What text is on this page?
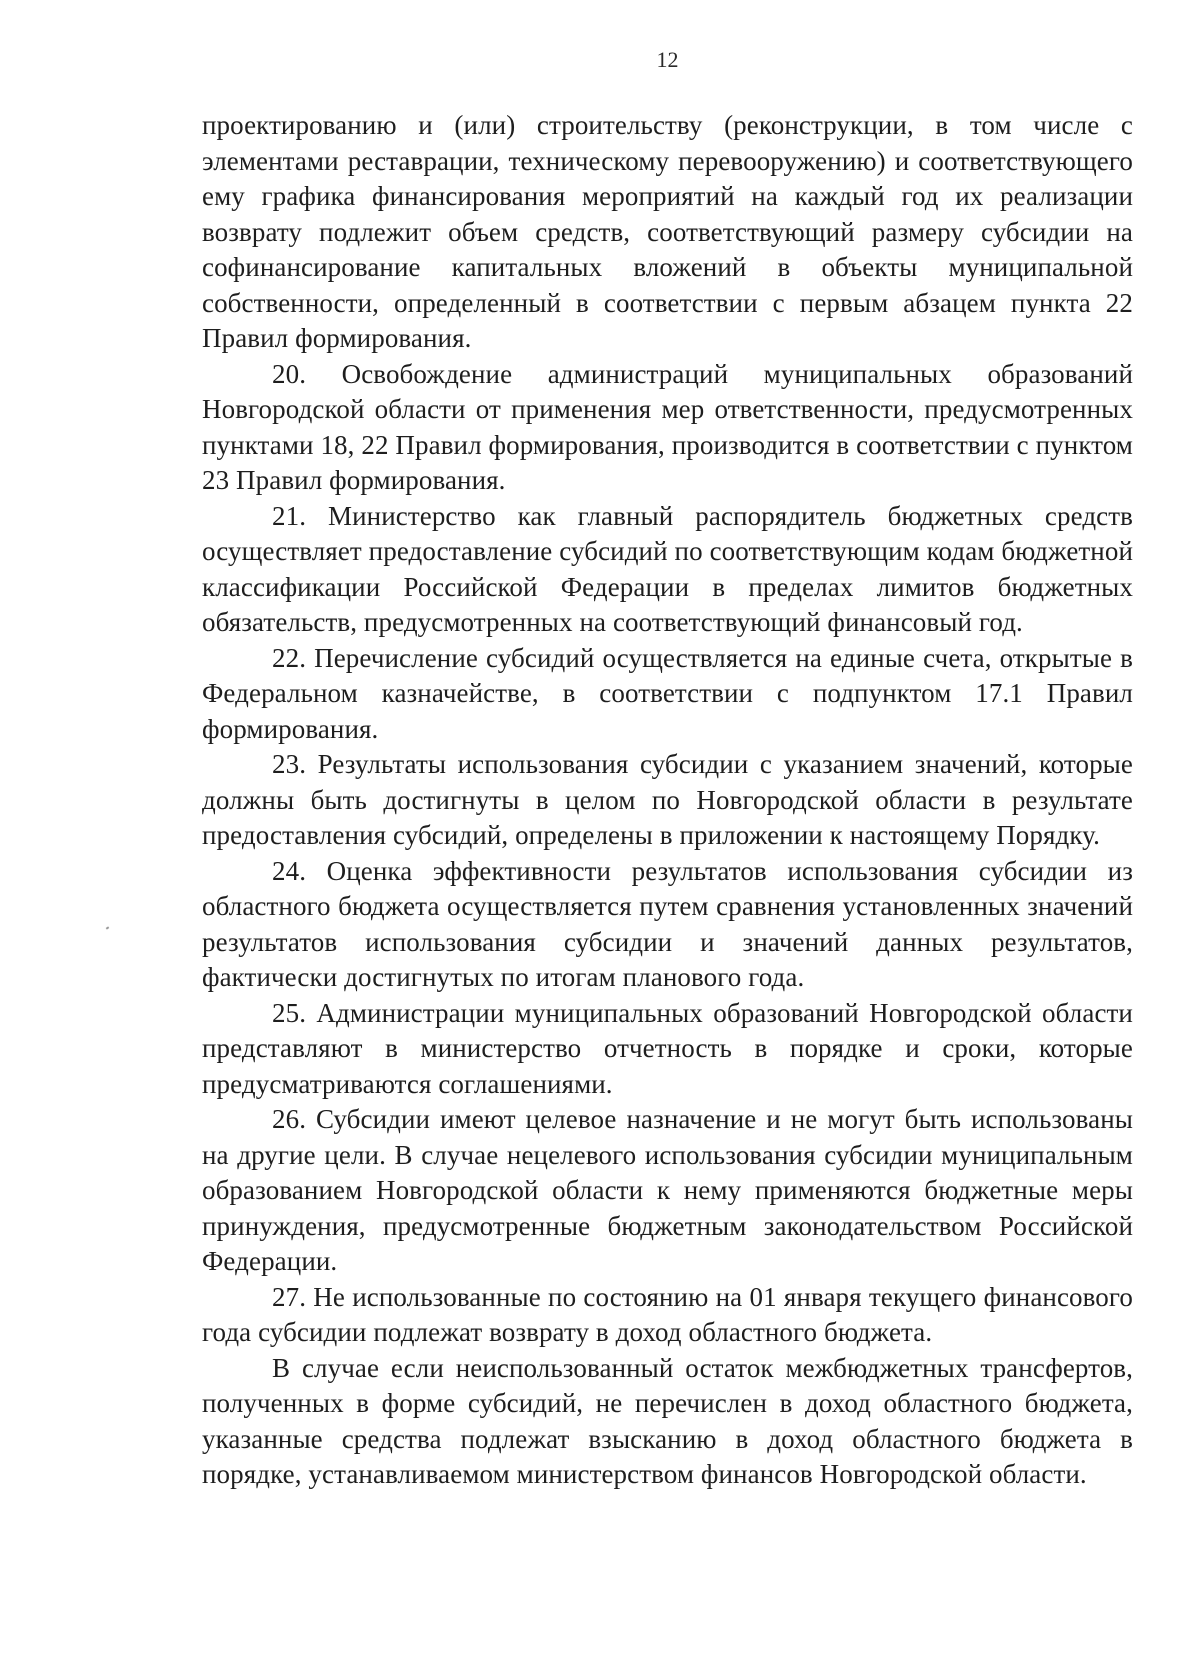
12

проектированию и (или) строительству (реконструкции, в том числе с элементами реставрации, техническому перевооружению) и соответствующего ему графика финансирования мероприятий на каждый год их реализации возврату подлежит объем средств, соответствующий размеру субсидии на софинансирование капитальных вложений в объекты муниципальной собственности, определенный в соответствии с первым абзацем пункта 22 Правил формирования.

20. Освобождение администраций муниципальных образований Новгородской области от применения мер ответственности, предусмотренных пунктами 18, 22 Правил формирования, производится в соответствии с пунктом 23 Правил формирования.

21. Министерство как главный распорядитель бюджетных средств осуществляет предоставление субсидий по соответствующим кодам бюджетной классификации Российской Федерации в пределах лимитов бюджетных обязательств, предусмотренных на соответствующий финансовый год.

22. Перечисление субсидий осуществляется на единые счета, открытые в Федеральном казначействе, в соответствии с подпунктом 17.1 Правил формирования.

23. Результаты использования субсидии с указанием значений, которые должны быть достигнуты в целом по Новгородской области в результате предоставления субсидий, определены в приложении к настоящему Порядку.

24. Оценка эффективности результатов использования субсидии из областного бюджета осуществляется путем сравнения установленных значений результатов использования субсидии и значений данных результатов, фактически достигнутых по итогам планового года.

25. Администрации муниципальных образований Новгородской области представляют в министерство отчетность в порядке и сроки, которые предусматриваются соглашениями.

26. Субсидии имеют целевое назначение и не могут быть использованы на другие цели. В случае нецелевого использования субсидии муниципальным образованием Новгородской области к нему применяются бюджетные меры принуждения, предусмотренные бюджетным законодательством Российской Федерации.

27. Не использованные по состоянию на 01 января текущего финансового года субсидии подлежат возврату в доход областного бюджета.

В случае если неиспользованный остаток межбюджетных трансфертов, полученных в форме субсидий, не перечислен в доход областного бюджета, указанные средства подлежат взысканию в доход областного бюджета в порядке, устанавливаемом министерством финансов Новгородской области.
